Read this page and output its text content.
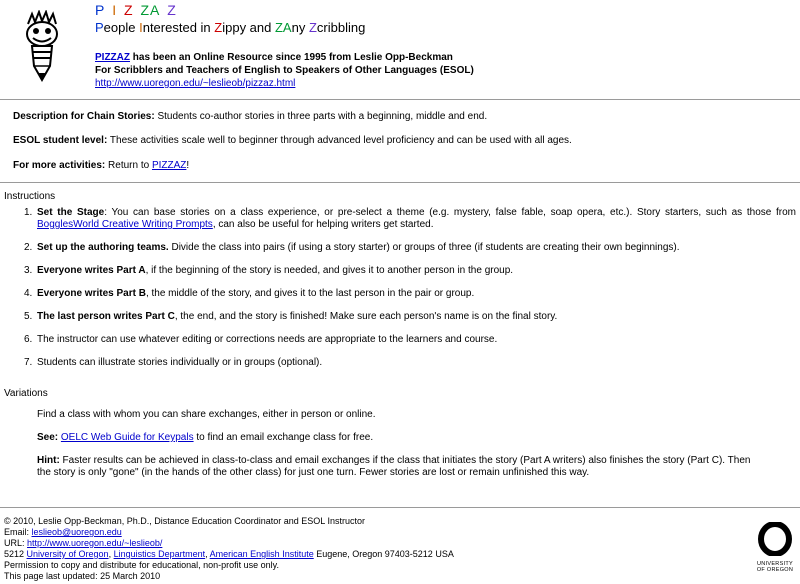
P I Z ZA Z
People Interested in Zippy and ZAny Zcribbling
PIZZAZ has been an Online Resource since 1995 from Leslie Opp-Beckman
For Scribblers and Teachers of English to Speakers of Other Languages (ESOL)
http://www.uoregon.edu/~leslieob/pizzaz.html
Description for Chain Stories: Students co-author stories in three parts with a beginning, middle and end.
ESOL student level: These activities scale well to beginner through advanced level proficiency and can be used with all ages.
For more activities: Return to PIZZAZ!
Instructions
1. Set the Stage: You can base stories on a class experience, or pre-select a theme (e.g. mystery, false fable, soap opera, etc.). Story starters, such as those from BogglesWorld Creative Writing Prompts, can also be useful for helping writers get started.
2. Set up the authoring teams. Divide the class into pairs (if using a story starter) or groups of three (if students are creating their own beginnings).
3. Everyone writes Part A, if the beginning of the story is needed, and gives it to another person in the group.
4. Everyone writes Part B, the middle of the story, and gives it to the last person in the pair or group.
5. The last person writes Part C, the end, and the story is finished! Make sure each person's name is on the final story.
6. The instructor can use whatever editing or corrections needs are appropriate to the learners and course.
7. Students can illustrate stories individually or in groups (optional).
Variations
Find a class with whom you can share exchanges, either in person or online.
See: OELC Web Guide for Keypals to find an email exchange class for free.
Hint: Faster results can be achieved in class-to-class and email exchanges if the class that initiates the story (Part A writers) also finishes the story (Part C). Then the story is only "gone" (in the hands of the other class) for just one turn. Fewer stories are lost or remain unfinished this way.
© 2010, Leslie Opp-Beckman, Ph.D., Distance Education Coordinator and ESOL Instructor
Email: leslieob@uoregon.edu
URL: http://www.uoregon.edu/~leslieob/
5212 University of Oregon, Linguistics Department, American English Institute Eugene, Oregon 97403-5212 USA
Permission to copy and distribute for educational, non-profit use only.
This page last updated: 25 March 2010
UNIVERSITY
OF OREGON
